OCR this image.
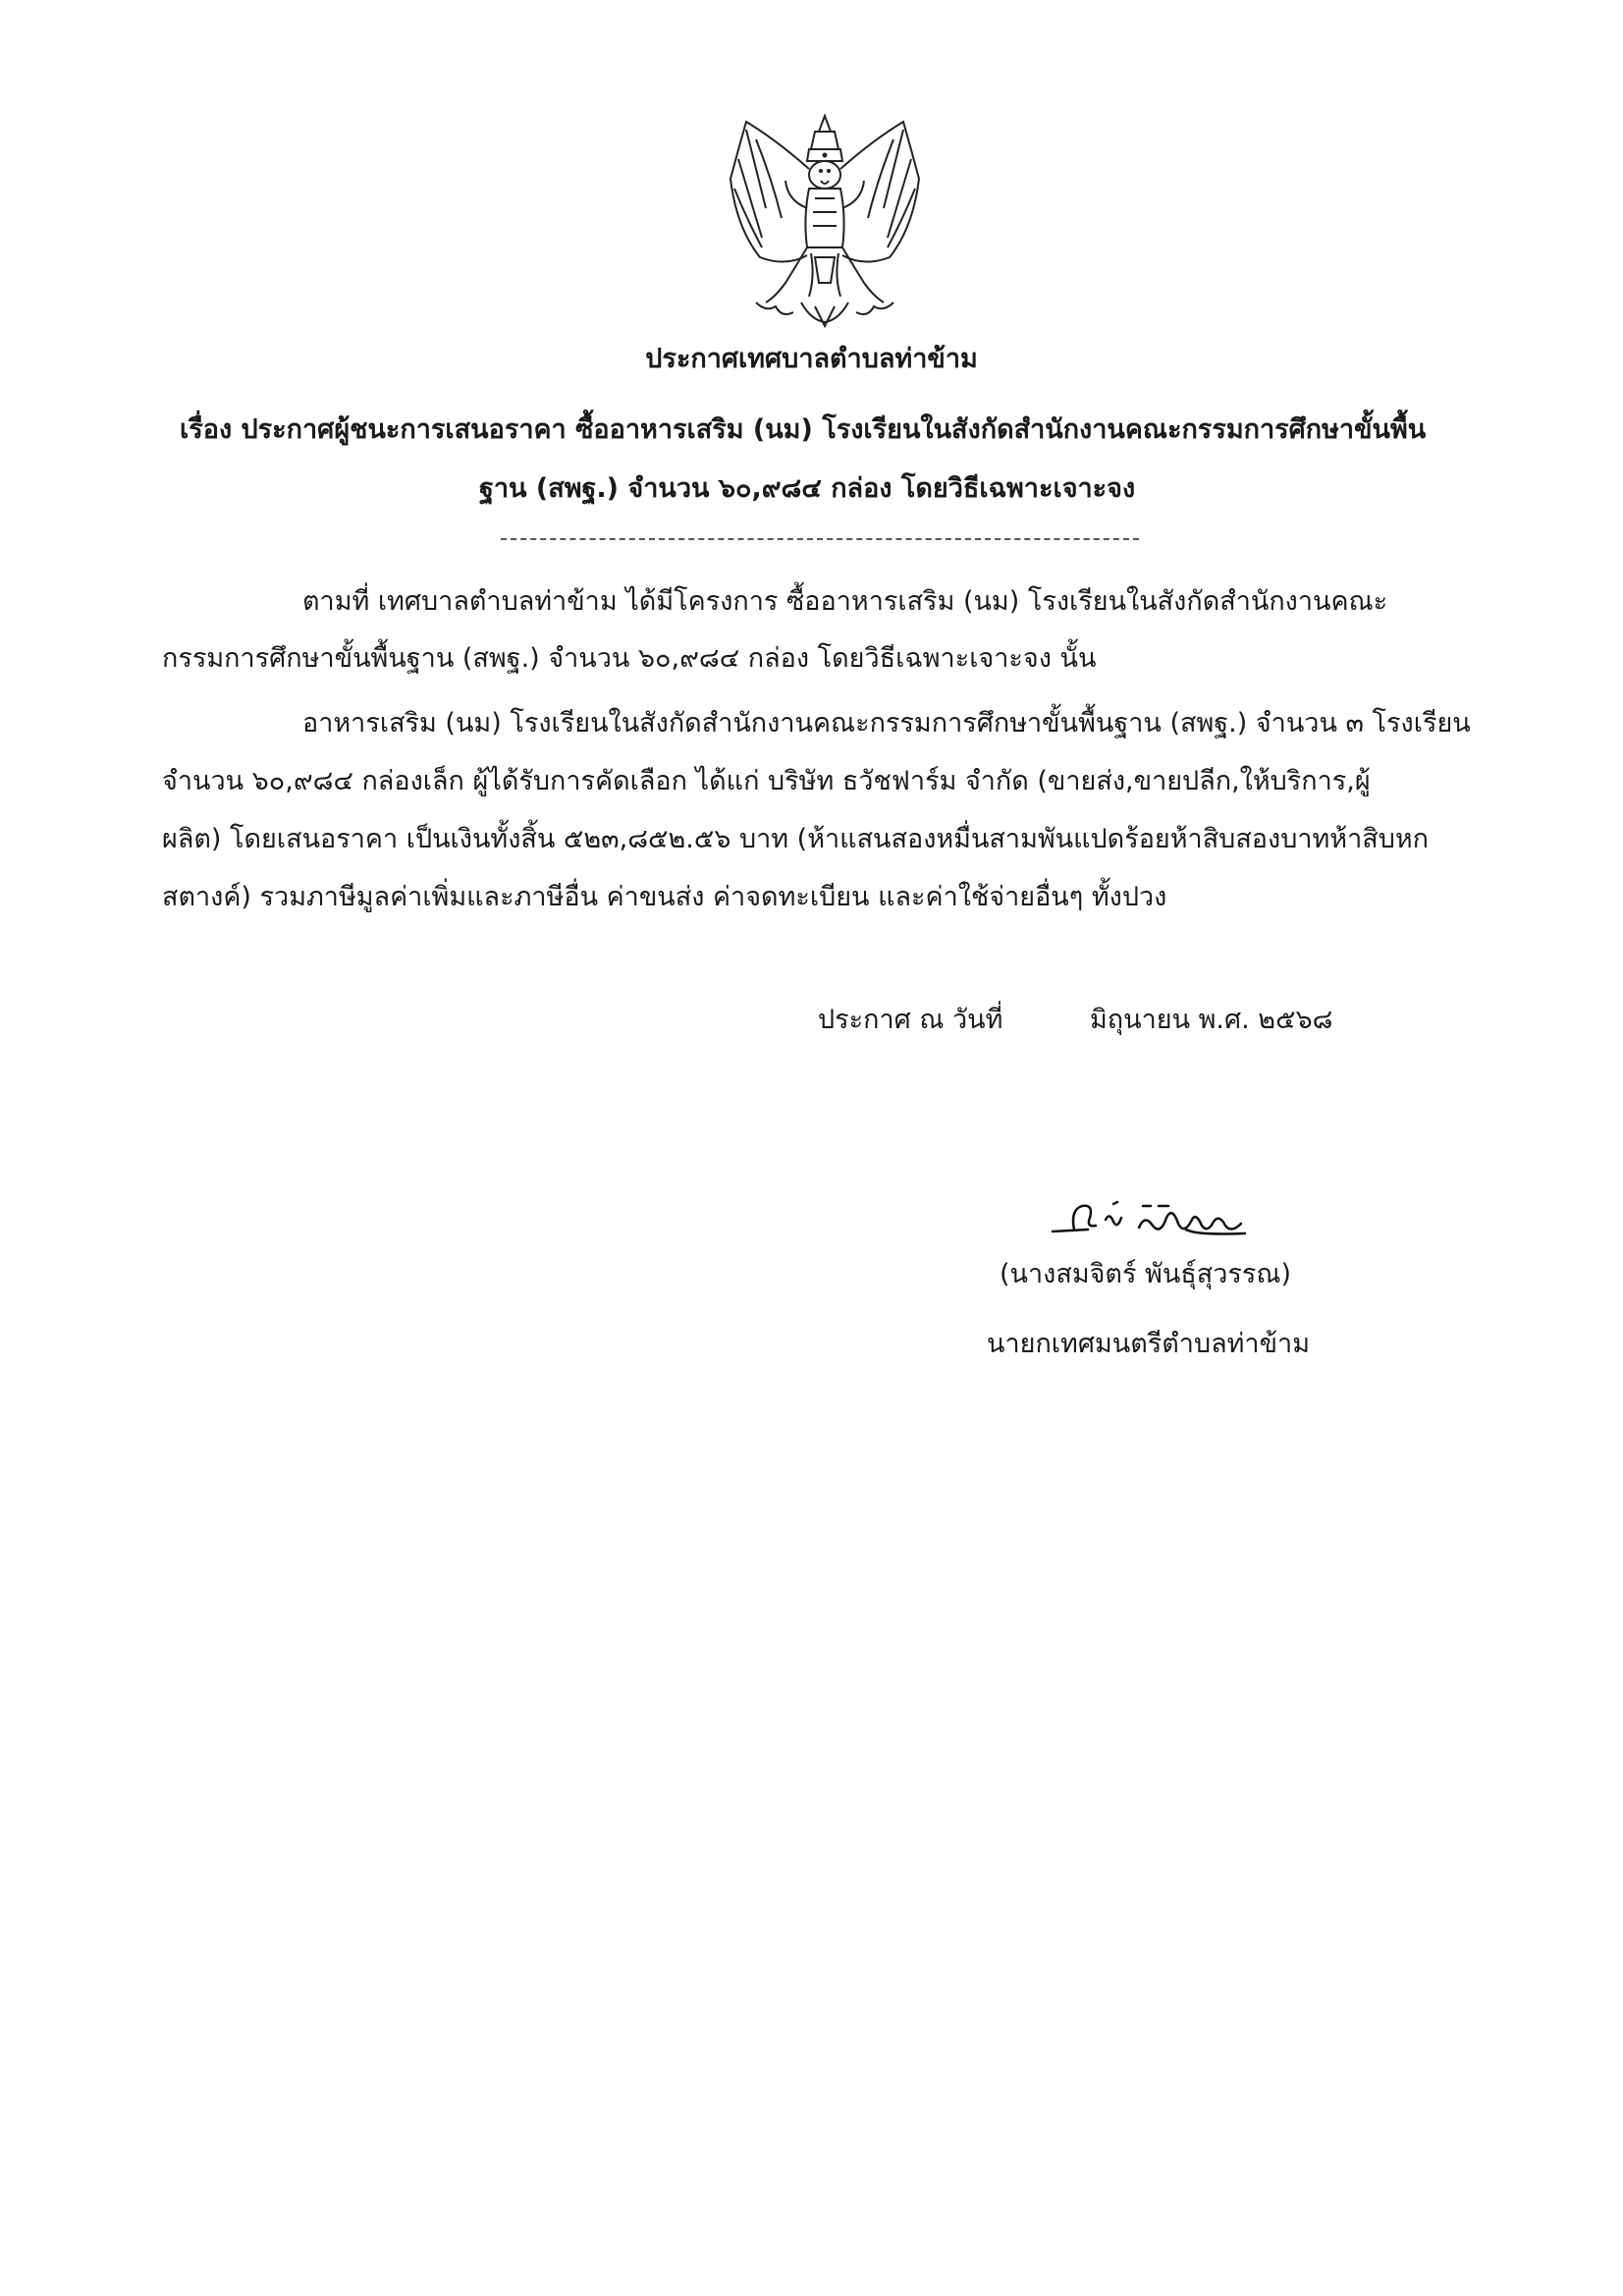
ประกาศเทศบาลตำบลท่าข้าม
เรื่อง ประกาศผู้ชนะการเสนอราคา ซื้ออาหารเสริม (นม) โรงเรียนในสังกัดสำนักงานคณะกรรมการศึกษาขั้นพื้น
ฐาน (สพฐ.) จำนวน ๖๐,๙๘๔ กล่อง โดยวิธีเฉพาะเจาะจง
ตามที่ เทศบาลตำบลท่าข้าม ได้มีโครงการ ซื้ออาหารเสริม (นม) โรงเรียนในสังกัดสำนักงานคณะ
กรรมการศึกษาขั้นพื้นฐาน (สพฐ.) จำนวน ๖๐,๙๘๔ กล่อง โดยวิธีเฉพาะเจาะจง นั้น
อาหารเสริม (นม) โรงเรียนในสังกัดสำนักงานคณะกรรมการศึกษาขั้นพื้นฐาน (สพฐ.) จำนวน ๓ โรงเรียน
จำนวน ๖๐,๙๘๔ กล่องเล็ก ผู้ได้รับการคัดเลือก ได้แก่ บริษัท ธวัชฟาร์ม จำกัด (ขายส่ง,ขายปลีก,ให้บริการ,ผู้
ผลิต) โดยเสนอราคา เป็นเงินทั้งสิ้น ๕๒๓,๘๕๒.๕๖ บาท (ห้าแสนสองหมื่นสามพันแปดร้อยห้าสิบสองบาทห้าสิบหก
สตางค์) รวมภาษีมูลค่าเพิ่มและภาษีอื่น ค่าขนส่ง ค่าจดทะเบียน และค่าใช้จ่ายอื่นๆ ทั้งปวง
ประกาศ ณ วันที่	มิถุนายน พ.ศ. ๒๕๖๘
(นางสมจิตร์ พันธุ์สุวรรณ)
นายกเทศมนตรีตำบลท่าข้าม
